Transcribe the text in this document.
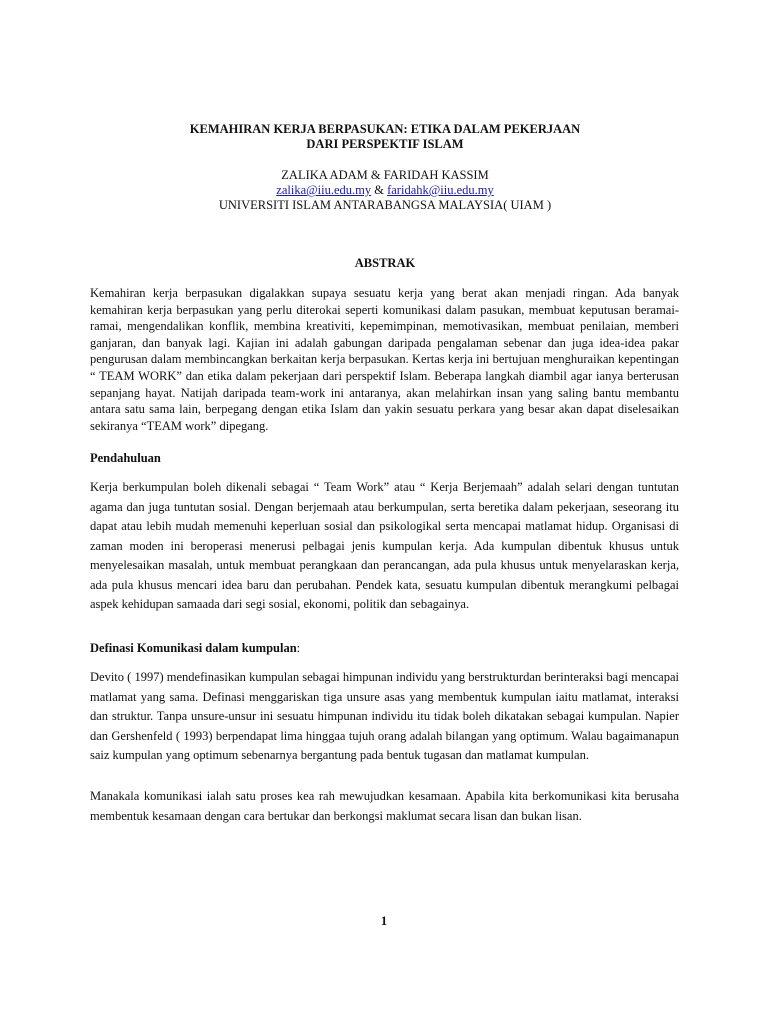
KEMAHIRAN KERJA BERPASUKAN: ETIKA DALAM PEKERJAAN
DARI PERSPEKTIF ISLAM
ZALIKA ADAM & FARIDAH KASSIM
zalika@iiu.edu.my & faridahk@iiu.edu.my
UNIVERSITI ISLAM ANTARABANGSA MALAYSIA( UIAM )
ABSTRAK
Kemahiran kerja berpasukan digalakkan supaya sesuatu kerja yang berat akan menjadi ringan. Ada banyak kemahiran kerja berpasukan yang perlu diterokai seperti komunikasi dalam pasukan, membuat keputusan beramai-ramai, mengendalikan konflik, membina kreativiti, kepemimpinan, memotivasikan, membuat penilaian, memberi ganjaran, dan banyak lagi. Kajian ini adalah gabungan daripada pengalaman sebenar dan juga idea-idea pakar pengurusan dalam membincangkan berkaitan kerja berpasukan. Kertas kerja ini bertujuan menghuraikan kepentingan “ TEAM WORK” dan etika dalam pekerjaan dari perspektif Islam. Beberapa langkah diambil agar ianya berterusan sepanjang hayat. Natijah daripada team-work ini antaranya, akan melahirkan insan yang saling bantu membantu antara satu sama lain, berpegang dengan etika Islam dan yakin sesuatu perkara yang besar akan dapat diselesaikan sekiranya “TEAM work” dipegang.
Pendahuluan
Kerja berkumpulan boleh dikenali sebagai “ Team Work” atau “ Kerja Berjemaah” adalah selari dengan tuntutan agama dan juga tuntutan sosial. Dengan berjemaah atau berkumpulan, serta beretika dalam pekerjaan, seseorang itu dapat atau lebih mudah memenuhi keperluan sosial dan psikologikal serta mencapai matlamat hidup. Organisasi di zaman moden ini beroperasi menerusi pelbagai jenis kumpulan kerja. Ada kumpulan dibentuk khusus untuk menyelesaikan masalah, untuk membuat perangkaan dan perancangan, ada pula khusus untuk menyelaraskan kerja, ada pula khusus mencari idea baru dan perubahan. Pendek kata, sesuatu kumpulan dibentuk merangkumi pelbagai aspek kehidupan samaada dari segi sosial, ekonomi, politik dan sebagainya.
Definasi Komunikasi dalam kumpulan:
Devito ( 1997) mendefinasikan kumpulan sebagai himpunan individu yang berstrukturdan berinteraksi bagi mencapai matlamat yang sama. Definasi menggariskan tiga unsure asas yang membentuk kumpulan iaitu matlamat, interaksi dan struktur. Tanpa unsure-unsur ini sesuatu himpunan individu itu tidak boleh dikatakan sebagai kumpulan. Napier dan Gershenfeld ( 1993) berpendapat lima hinggaa tujuh orang adalah bilangan yang optimum. Walau bagaimanapun saiz kumpulan yang optimum sebenarnya bergantung pada bentuk tugasan dan matlamat kumpulan.
Manakala komunikasi ialah satu proses kea rah mewujudkan kesamaan. Apabila kita berkomunikasi kita berusaha membentuk kesamaan dengan cara bertukar dan berkongsi maklumat secara lisan dan bukan lisan.
1
